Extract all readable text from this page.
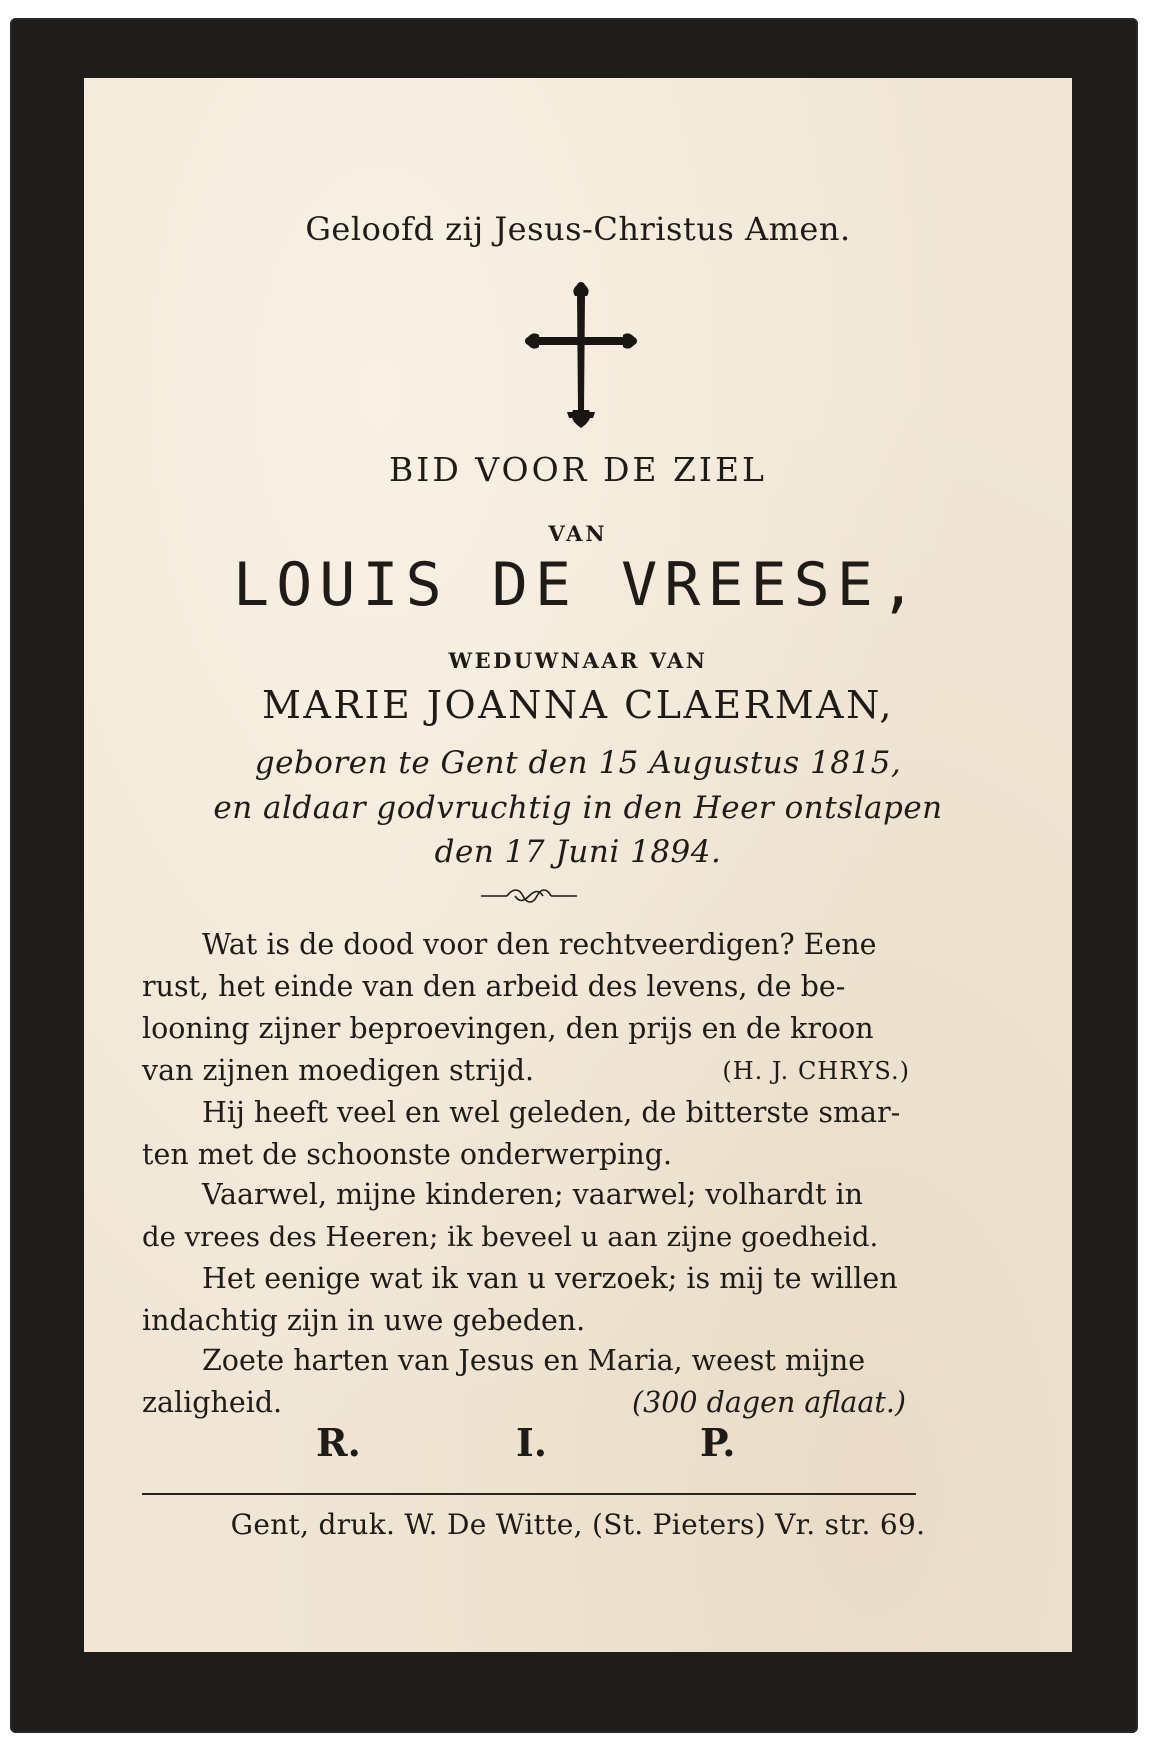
Geloofd zij Jesus-Christus Amen.
BID VOOR DE ZIEL
VAN
LOUIS DE VREESE,
WEDUWNAAR VAN
MARIE JOANNA CLAERMAN,
geboren te Gent den 15 Augustus 1815,
en aldaar godvruchtig in den Heer ontslapen
den 17 Juni 1894.
Wat is de dood voor den rechtveerdigen? Eene
rust, het einde van den arbeid des levens, de be-
looning zijner beproevingen, den prijs en de kroon
van zijnen moedigen strijd.	(H. J. CHRYS.)
Hij heeft veel en wel geleden, de bitterste smar-
ten met de schoonste onderwerping.
Vaarwel, mijne kinderen; vaarwel; volhardt in
de vrees des Heeren; ik beveel u aan zijne goedheid.
Het eenige wat ik van u verzoek; is mij te willen
indachtig zijn in uwe gebeden.
Zoete harten van Jesus en Maria, weest mijne
zaligheid.	(300 dagen aflaat.)
R.	I.	P.
Gent, druk. W. De Witte, (St. Pieters) Vr. str. 69.
